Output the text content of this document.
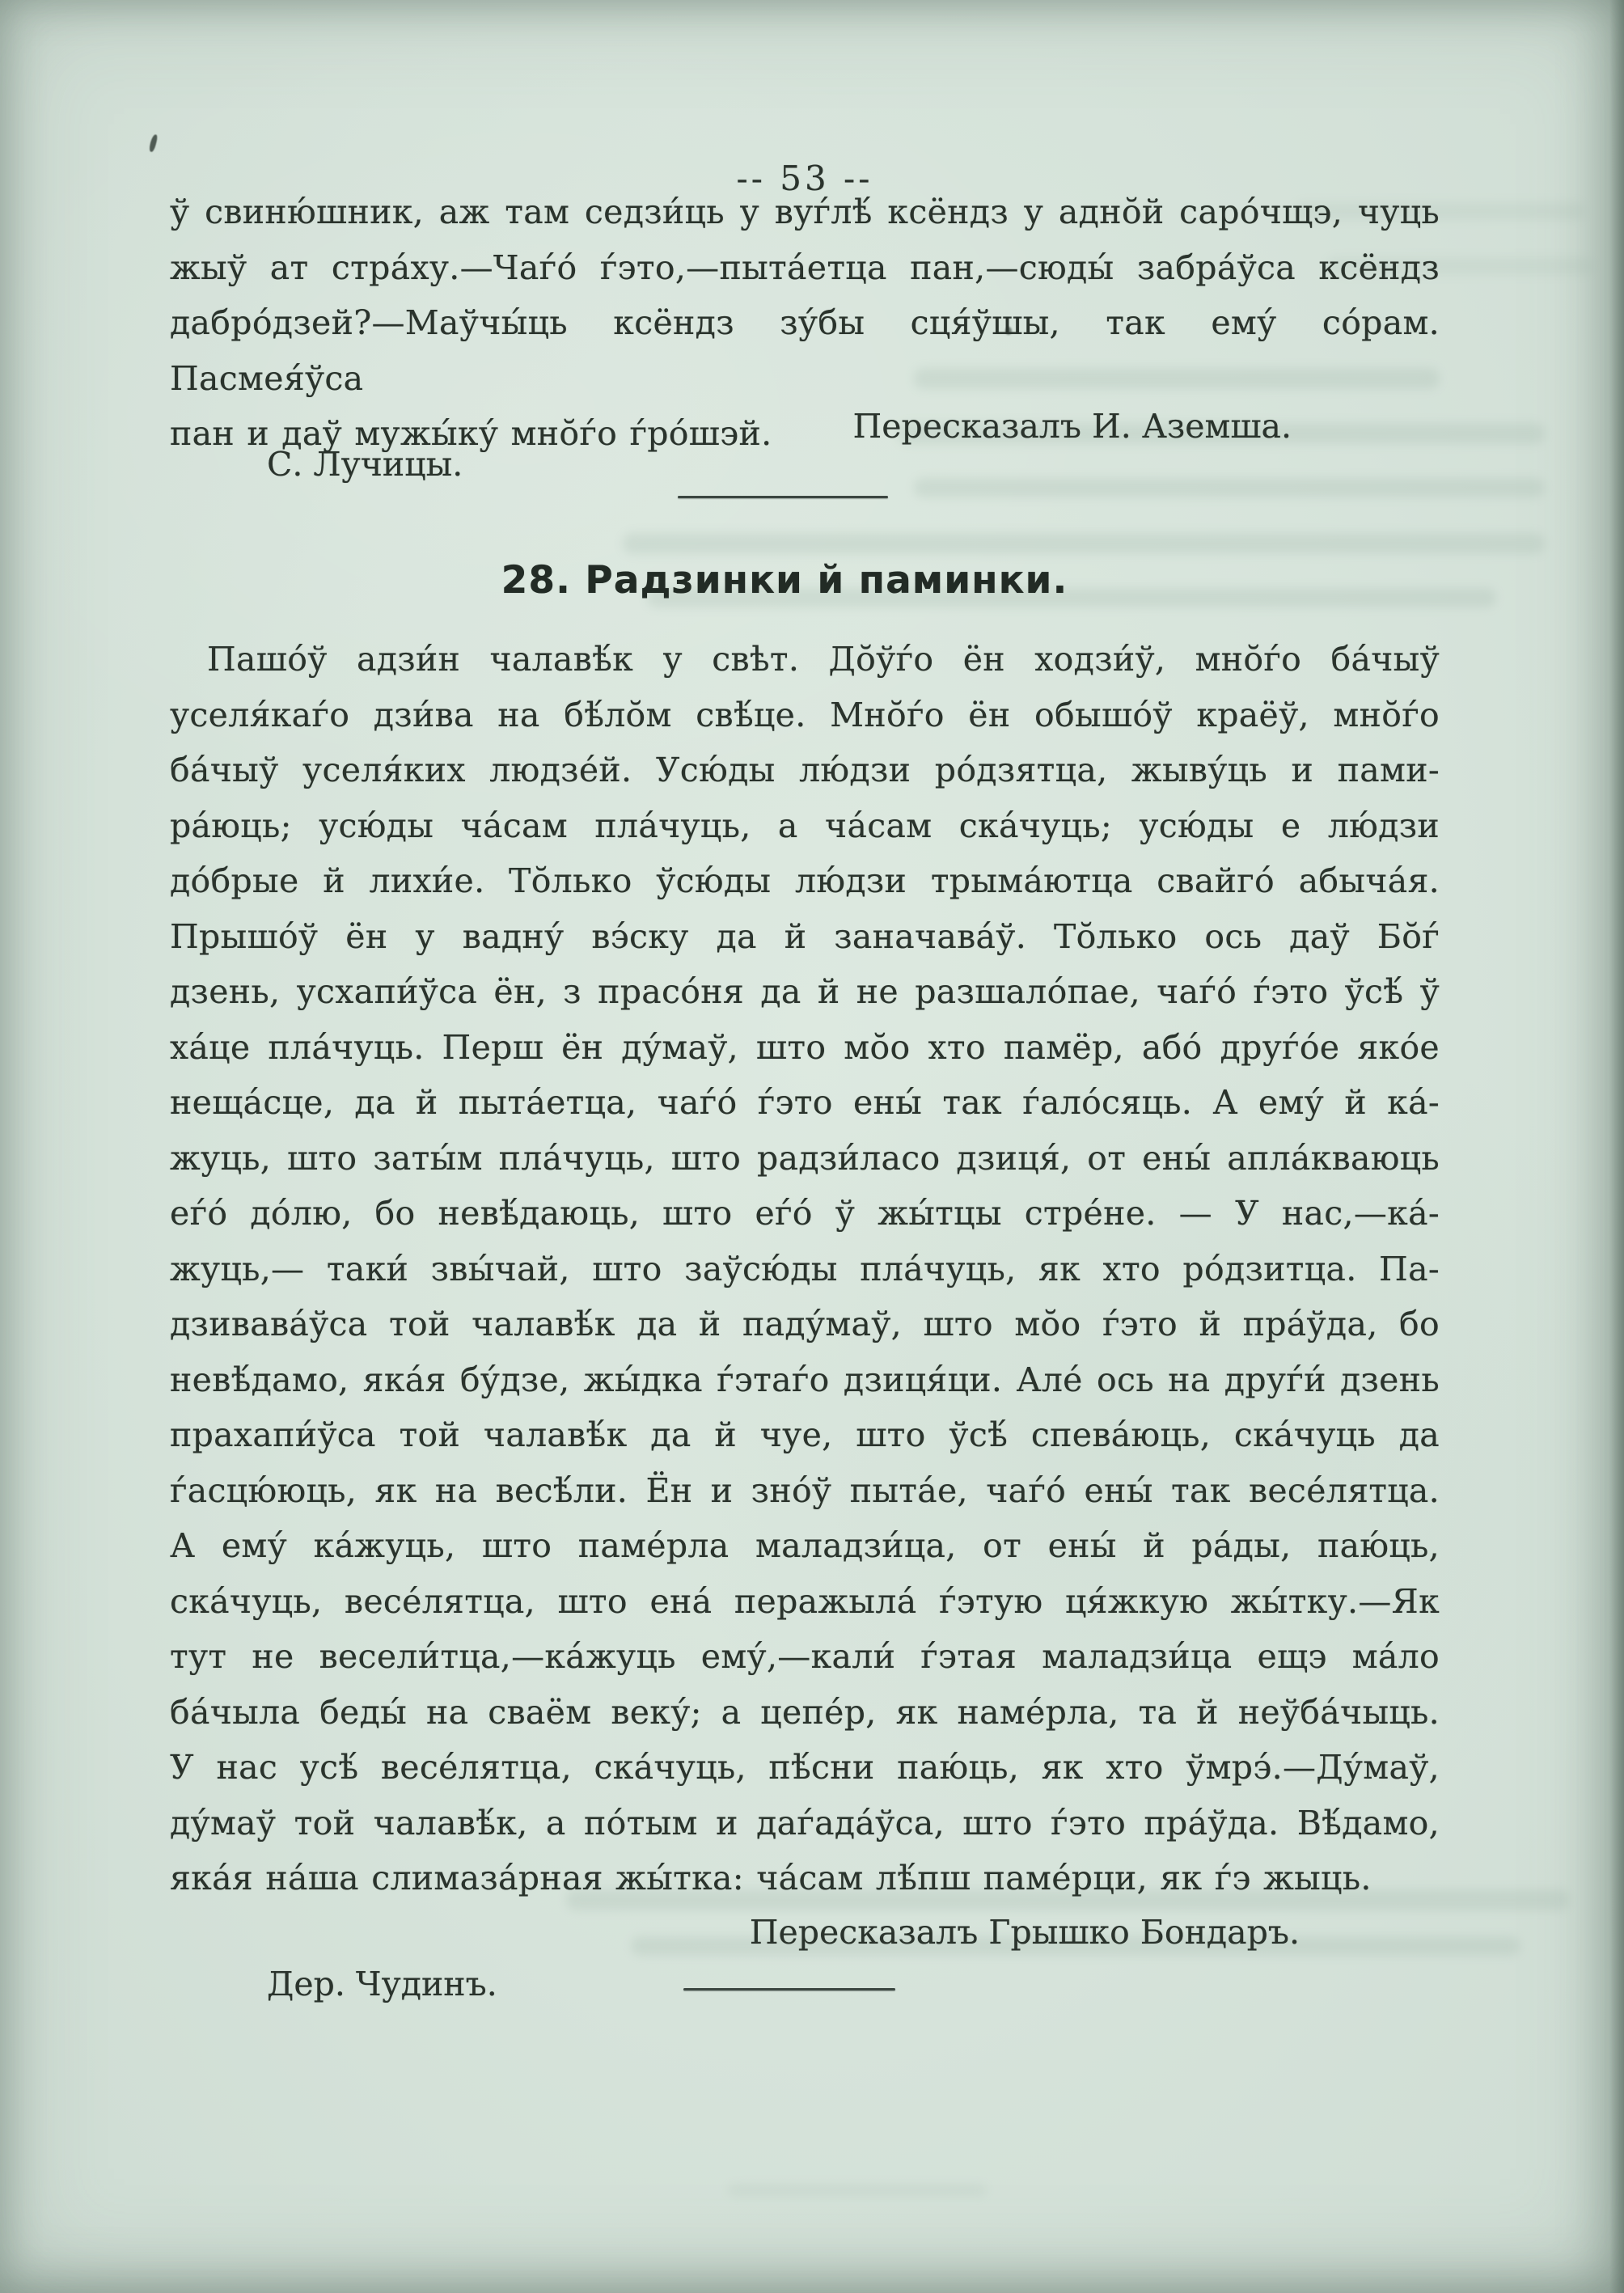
-- 53 --
ў свиню́шник, аж там седзи́ць у вуѓлѣ́ ксёндз у адно̆й саро́чщэ, чуць
жыў ат стра́ху.—Чаѓо́ ѓэто,—пыта́етца пан,—сюды́ забра́ўса ксёндз
дабро́дзей?—Маўчы́ць ксёндз зу́бы сця́ўшы, так ему́ со́рам. Пасмея́ўса
пан и даў мужы́ку́ мно̆ѓо ѓро́шэй.	Пересказалъ И. Аземша.
С. Лучицы.
28. Радзинки й паминки.
Пашо́ў адзи́н чалавѣ́к у свѣт. До̆ўѓо ён ходзи́ў, мно̆ѓо ба́чыў
уселя́каѓо дзи́ва на бѣ́ло̆м свѣ́це. Мно̆ѓо ён обышо́ў краёў, мно̆ѓо
ба́чыў уселя́ких людзе́й. Усю́ды лю́дзи ро́дзятца, жыву́ць и пами-
ра́юць; усю́ды ча́сам пла́чуць, а ча́сам ска́чуць; усю́ды е лю́дзи
до́брые й лихи́е. То̆лько ўсю́ды лю́дзи трыма́ютца свайго́ абыча́я.
Прышо́ў ён у вадну́ вэ́ску да й заначава́ў. То̆лько ось даў Бо̆ѓ
дзень, усхапи́ўса ён, з прасо́ня да й не разшало́пае, чаѓо́ ѓэто ўсѣ́ ў
ха́це пла́чуць. Перш ён ду́маў, што мо̆о хто памёр, або́ друѓо́е яко́е
неща́сце, да й пыта́етца, чаѓо́ ѓэто ены́ так ѓало́сяць. А ему́ й ка́-
жуць, што заты́м пла́чуць, што радзи́ласо дзиця́, от ены́ апла́кваюць
еѓо́ до́лю, бо невѣ́даюць, што еѓо́ ў жы́тцы стре́не. — У нас,—ка́-
жуць,— таки́ звы́чай, што заўсю́ды пла́чуць, як хто ро́дзитца. Па-
дзивава́ўса той чалавѣ́к да й паду́маў, што мо̆о ѓэто й пра́ўда, бо
невѣ́дамо, яка́я бу́дзе, жы́дка ѓэтаѓо дзиця́ци. Але́ ось на друѓи́ дзень
прахапи́ўса той чалавѣ́к да й чуе, што ўсѣ́ спева́юць, ска́чуць да
ѓасцю́юць, як на весѣ́ли. Ён и зно́ў пыта́е, чаѓо́ ены́ так весе́лятца.
А ему́ ка́жуць, што паме́рла маладзи́ца, от ены́ й ра́ды, паю́ць,
ска́чуць, весе́лятца, што ена́ перажыла́ ѓэтую ця́жкую жы́тку.—Як
тут не весели́тца,—ка́жуць ему́,—кали́ ѓэтая маладзи́ца ещэ ма́ло
ба́чыла беды́ на сваём веку́; а цепе́р, як наме́рла, та й неўба́чыць.
У нас усѣ́ весе́лятца, ска́чуць, пѣ́сни паю́ць, як хто ўмрэ́.—Ду́маў,
ду́маў той чалавѣ́к, а по́тым и даѓада́ўса, што ѓэто пра́ўда. Вѣ́дамо,
яка́я на́ша слимаза́рная жы́тка: ча́сам лѣ́пш паме́рци, як ѓэ жыць.
Пересказалъ Грышко Бондаръ.
Дер. Чудинъ.
